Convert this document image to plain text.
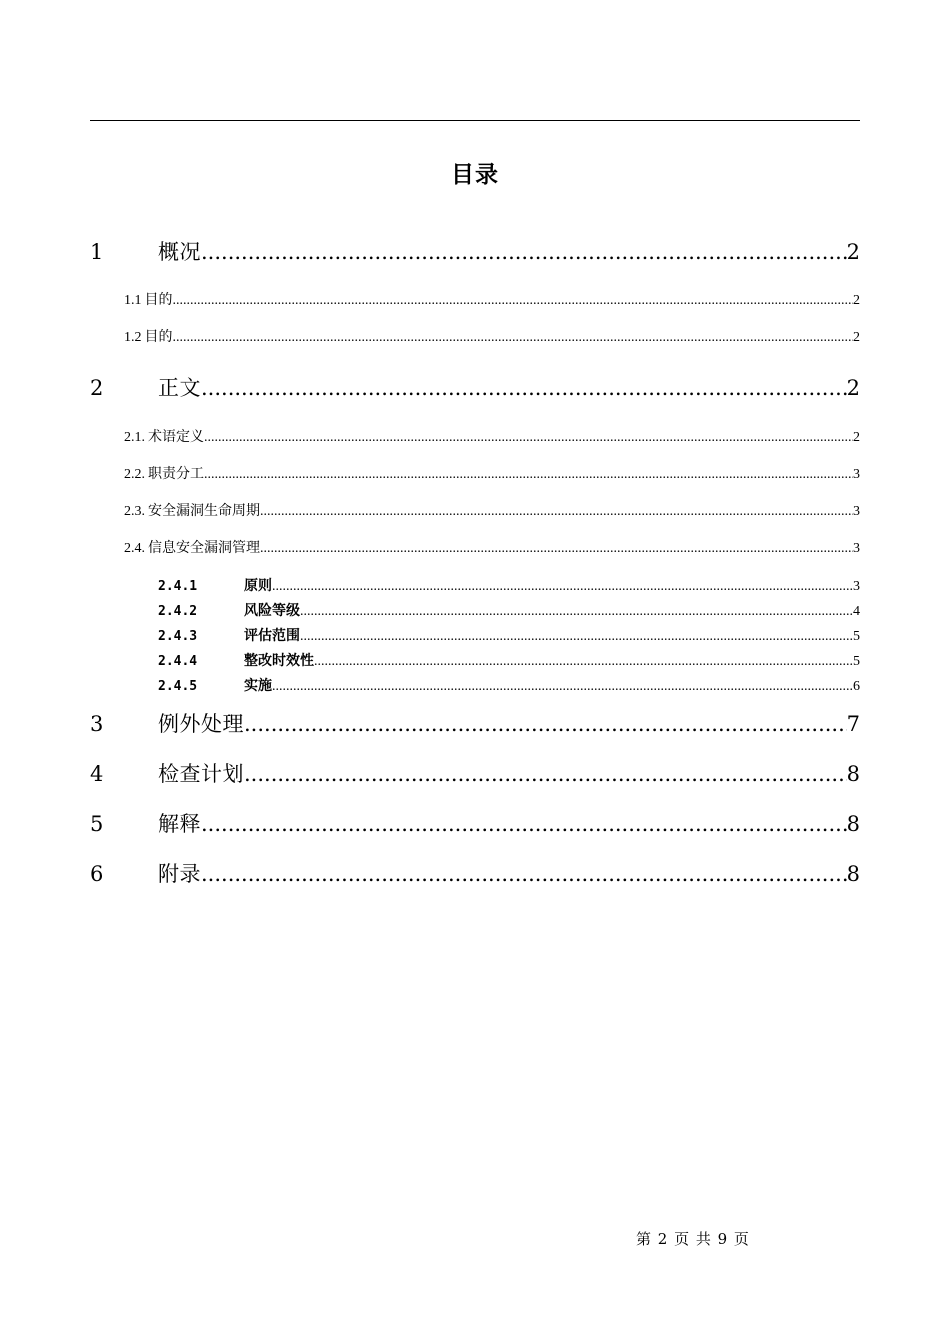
目录
1	概况 .....	2
1.1 目的 .....	2
1.2 目的 .....	2
2	正文 .....	2
2.1. 术语定义 .....	2
2.2. 职责分工 .....	3
2.3. 安全漏洞生命周期 .....	3
2.4. 信息安全漏洞管理 .....	3
2.4.1	原则 .....	3
2.4.2	风险等级 .....	4
2.4.3	评估范围 .....	5
2.4.4	整改时效性 .....	5
2.4.5	实施 .....	6
3	例外处理 .....	7
4	检查计划 .....	8
5	解释 .....	8
6	附录 .....	8
第 2 页 共 9 页
